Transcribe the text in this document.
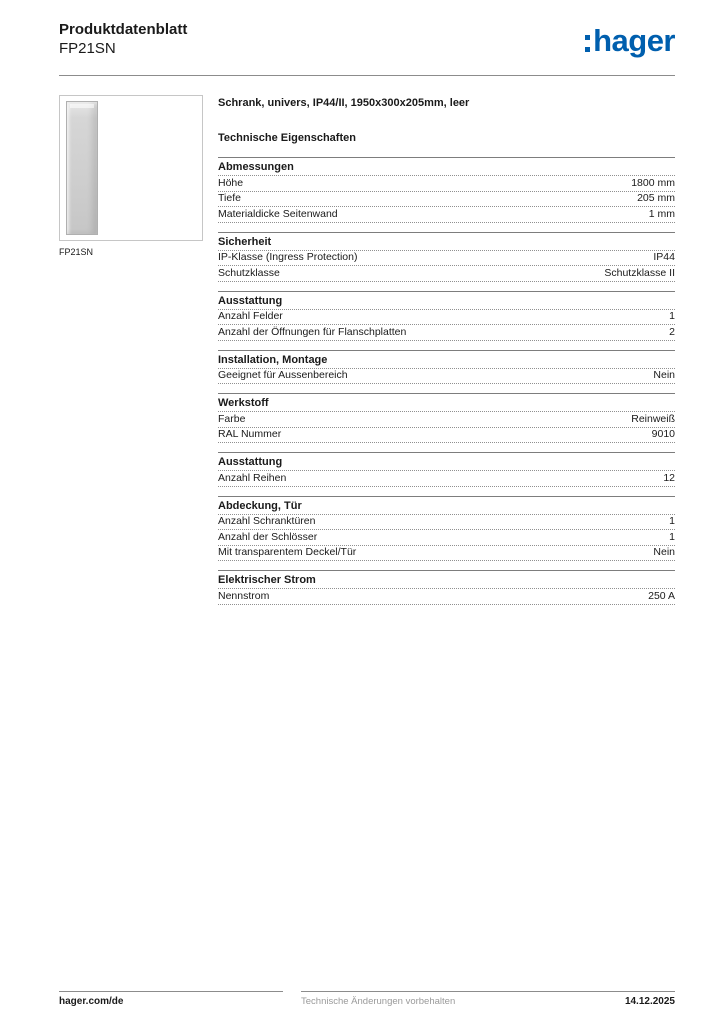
Produktdatenblatt
FP21SN	hager
FP21SN
Schrank, univers, IP44/II, 1950x300x205mm, leer
Technische Eigenschaften
Abmessungen
Höhe	1800 mm
Tiefe	205 mm
Materialdicke Seitenwand	1 mm
Sicherheit
IP-Klasse (Ingress Protection)	IP44
Schutzklasse	Schutzklasse II
Ausstattung
Anzahl Felder	1
Anzahl der Öffnungen für Flanschplatten	2
Installation, Montage
Geeignet für Aussenbereich	Nein
Werkstoff
Farbe	Reinweiß
RAL Nummer	9010
Ausstattung
Anzahl Reihen	12
Abdeckung, Tür
Anzahl Schranktüren	1
Anzahl der Schlösser	1
Mit transparentem Deckel/Tür	Nein
Elektrischer Strom
Nennstrom	250 A
hager.com/de	Technische Änderungen vorbehalten	14.12.2025
